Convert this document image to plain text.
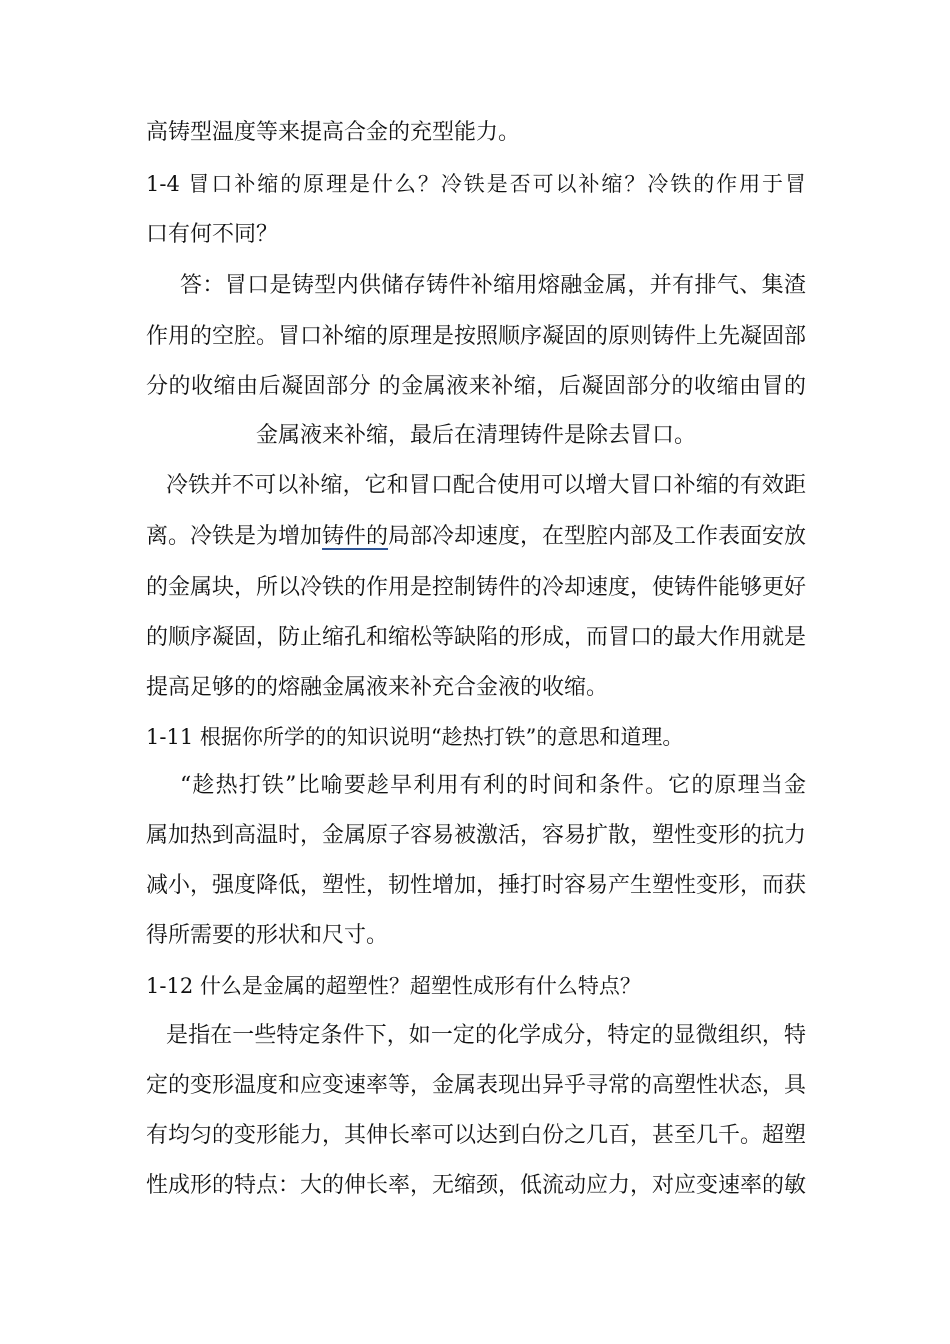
高铸型温度等来提高合金的充型能力。
1-4 冒口补缩的原理是什么？冷铁是否可以补缩？冷铁的作用于冒
口有何不同？
答：冒口是铸型内供储存铸件补缩用熔融金属，并有排气、集渣
作用的空腔。冒口补缩的原理是按照顺序凝固的原则铸件上先凝固部
分的收缩由后凝固部分 的金属液来补缩，后凝固部分的收缩由冒的
金属液来补缩，最后在清理铸件是除去冒口。
冷铁并不可以补缩，它和冒口配合使用可以增大冒口补缩的有效距
离。冷铁是为增加铸件的局部冷却速度，在型腔内部及工作表面安放
的金属块，所以冷铁的作用是控制铸件的冷却速度，使铸件能够更好
的顺序凝固，防止缩孔和缩松等缺陷的形成，而冒口的最大作用就是
提高足够的的熔融金属液来补充合金液的收缩。
1-11 根据你所学的的知识说明“趁热打铁”的意思和道理。
“趁热打铁”比喻要趁早利用有利的时间和条件。它的原理当金
属加热到高温时，金属原子容易被激活，容易扩散，塑性变形的抗力
减小，强度降低，塑性，韧性增加，捶打时容易产生塑性变形，而获
得所需要的形状和尺寸。
1-12 什么是金属的超塑性？超塑性成形有什么特点？
是指在一些特定条件下，如一定的化学成分，特定的显微组织，特
定的变形温度和应变速率等，金属表现出异乎寻常的高塑性状态，具
有均匀的变形能力，其伸长率可以达到白份之几百，甚至几千。超塑
性成形的特点：大的伸长率，无缩颈，低流动应力，对应变速率的敏
